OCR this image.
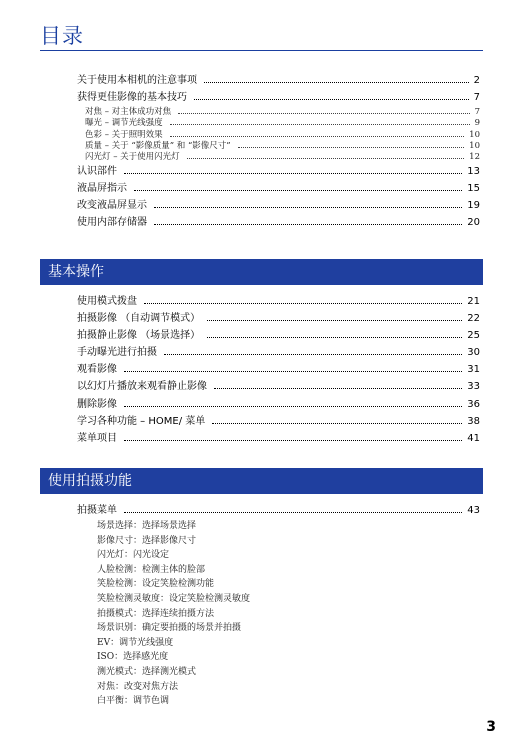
目录
关于使用本相机的注意事项	2
获得更佳影像的基本技巧	7
对焦 – 对主体成功对焦	7
曝光 – 调节光线强度	9
色彩 – 关于照明效果	10
质量 – 关于 “影像质量” 和 “影像尺寸”	10
闪光灯 – 关于使用闪光灯	12
认识部件	13
液晶屏指示	15
改变液晶屏显示	19
使用内部存储器	20
基本操作
使用模式拨盘	21
拍摄影像 （自动调节模式）	22
拍摄静止影像 （场景选择）	25
手动曝光进行拍摄	30
观看影像	31
以幻灯片播放来观看静止影像	33
删除影像	36
学习各种功能 – HOME/ 菜单	38
菜单项目	41
使用拍摄功能
拍摄菜单	43
场景选择：选择场景选择
影像尺寸：选择影像尺寸
闪光灯：闪光设定
人脸检测：检测主体的脸部
笑脸检测：设定笑脸检测功能
笑脸检测灵敏度：设定笑脸检测灵敏度
拍摄模式：选择连续拍摄方法
场景识别：确定要拍摄的场景并拍摄
EV：调节光线强度
ISO：选择感光度
测光模式：选择测光模式
对焦：改变对焦方法
白平衡：调节色调
3
